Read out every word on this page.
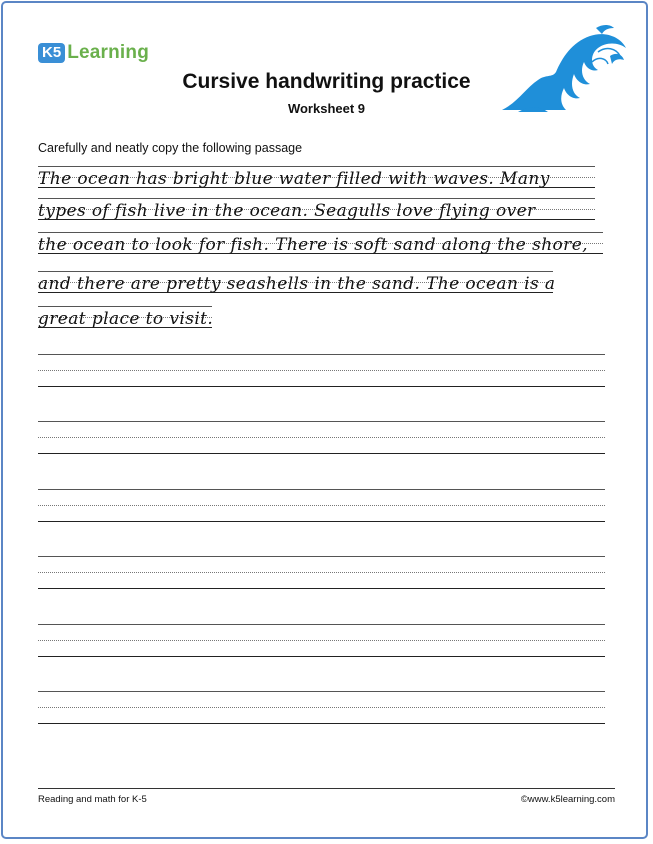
K5 Learning
Cursive handwriting practice
Worksheet 9
Carefully and neatly copy the following passage
The ocean has bright blue water filled with waves. Many
types of fish live in the ocean. Seagulls love flying over
the ocean to look for fish. There is soft sand along the shore,
and there are pretty seashells in the sand. The ocean is a
great place to visit.
Reading and math for K-5	©www.k5learning.com
